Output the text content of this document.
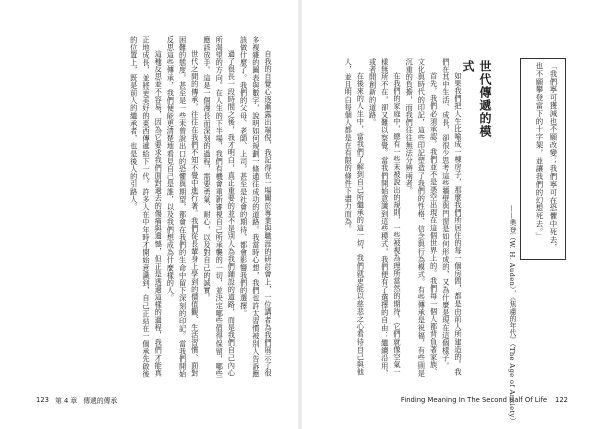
自我的自覺心逐漸露出端倪，我記得在一場關於專業與職涯的研討會上，一位講者為我們展示了很多複雜的圖表與數字，說明如何規劃一條通往成功的道路。我當時心想，我們也許太習慣被別人告訴應該做什麼了。我們的父母、老師、上司，甚至是社會的期待，都會影響我們的選擇。

過了很長一段時間之後，我才明白，真正重要的並不是別人為我們鋪設的道路，而是我們自己內心所渴望的方向。在人生的下半場，我們有機會重新審視自己所承襲的一切，並決定哪些值得保留，哪些應該放手。這是一個漫長而深刻的過程，需要勇氣、耐心，以及對自己的誠實。

世代之間的傳承，往往在我們不知不覺中進行著。我們從長輩身上學到的價值觀、生活習慣、面對困難的態度，甚至是一些未曾說出口的恐懼與期望，都會在我們的生命中留下深刻的印記。當我們開始反思這些傳承，我們便能更清楚地看見自己是誰，以及我們想成為什麼樣的人。

這種反思並不容易，因為它要求我們面對過去的傷痛與遺憾，但正是透過這樣的過程，我們才能真正地成長，並將更美好的東西傳遞給下一代。許多人在中年時才開始意識到，自己正站在一個承先啟後的位置上，既是前人的繼承者，也是後人的引路人。

123 第 4 章 傳遞的傳承
「我們寧可獲減也不願改變；我們寧可在恐懼中死去，也不願攀登當下的十字架，並讓我們的幻想死去。」
——奧登（W. H. Auden），《焦慮的年代》（The Age of Anxiety）
世代傳遞的模式

如果我們把人生比喻成一棟房子，那麼我們所居住的每一個房間，都是由前人所建造的。我們在其中生活、成長，卻很少思考這些牆壁與門窗是如何形成的，又為什麼是現在這個樣子。

首先，我們必須承認，我們並不是憑空出現在這個世界上的。我們每一個人都背負著家族、文化與時代的印記，這些印記塑造了我們的性格、信念與行為模式。有些傳承是祝福，有些則是沉重的負擔，而我們往往無法分辨兩者。

在我們的家庭中，總有一些未被說出的規則，一些被視為理所當然的期待。它們就像空氣一樣無所不在，卻又難以察覺。當我們開始意識到這些模式，我們便有了選擇的自由：繼續沿用，或者開創新的道路。

在後來的人生中，當我們了解到自己所繼承的這一切，我們就更能以慈悲之心看待自己與他人，並且明白每個人都是在有限的條件下盡力而為。

Finding Meaning In The Second Half Of Life 122
